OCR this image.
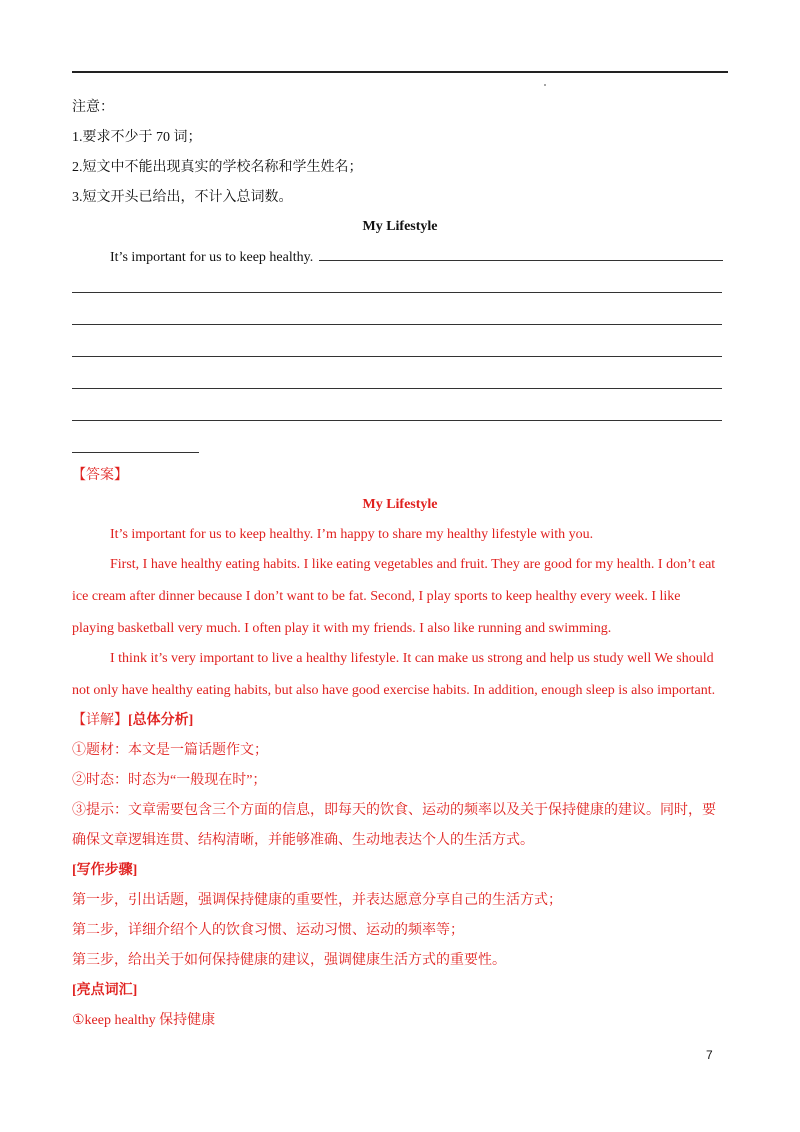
注意：
1.要求不少于 70 词；
2.短文中不能出现真实的学校名称和学生姓名；
3.短文开头已给出，不计入总词数。
My Lifestyle
It’s important for us to keep healthy.
【答案】
My Lifestyle
It’s important for us to keep healthy. I’m happy to share my healthy lifestyle with you.
First, I have healthy eating habits. I like eating vegetables and fruit. They are good for my health. I don’t eat
ice cream after dinner because I don’t want to be fat. Second, I play sports to keep healthy every week. I like
playing basketball very much. I often play it with my friends. I also like running and swimming.
I think it’s very important to live a healthy lifestyle. It can make us strong and help us study well We should
not only have healthy eating habits, but also have good exercise habits. In addition, enough sleep is also important.
【详解】[总体分析]
①题材：本文是一篇话题作文；
②时态：时态为“一般现在时”；
③提示：文章需要包含三个方面的信息，即每天的饮食、运动的频率以及关于保持健康的建议。同时，要
确保文章逻辑连贯、结构清晰，并能够准确、生动地表达个人的生活方式。
[写作步骤]
第一步，引出话题，强调保持健康的重要性，并表达愿意分享自己的生活方式；
第二步，详细介绍个人的饮食习惯、运动习惯、运动的频率等；
第三步，给出关于如何保持健康的建议，强调健康生活方式的重要性。
[亮点词汇]
①keep healthy 保持健康
7
